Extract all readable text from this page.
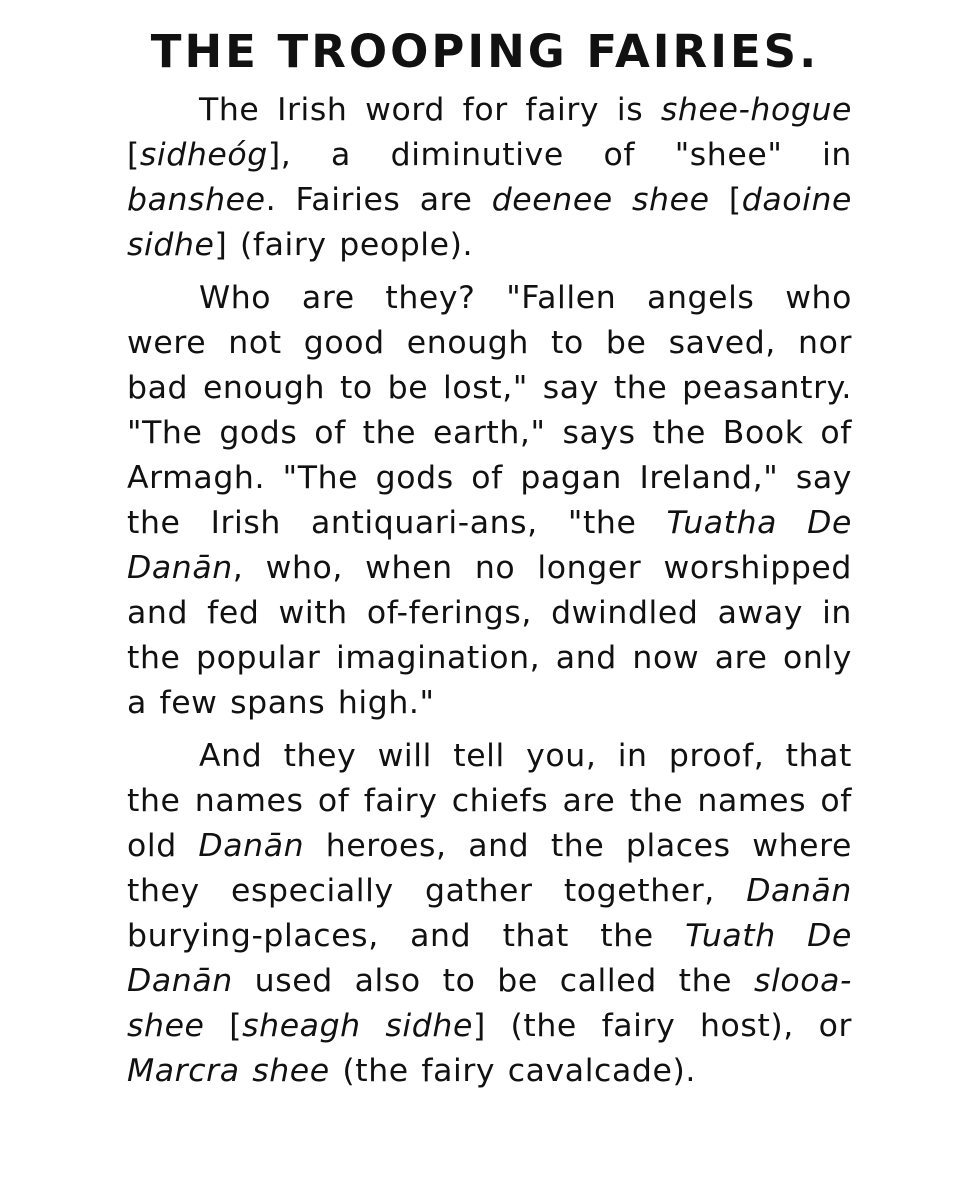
THE TROOPING FAIRIES.

The Irish word for fairy is shee-hogue [sidheóg], a diminutive of "shee" in banshee. Fairies are deenee shee [daoine sidhe] (fairy people).

Who are they? "Fallen angels who were not good enough to be saved, nor bad enough to be lost," say the peasantry. "The gods of the earth," says the Book of Armagh. "The gods of pagan Ireland," say the Irish antiquari-ans, "the Tuatha De Danān, who, when no longer worshipped and fed with of-ferings, dwindled away in the popular imagination, and now are only a few spans high."

And they will tell you, in proof, that the names of fairy chiefs are the names of old Danān heroes, and the places where they especially gather together, Danān burying-places, and that the Tuath De Danān used also to be called the slooa-shee [sheagh sidhe] (the fairy host), or Marcra shee (the fairy cavalcade).
